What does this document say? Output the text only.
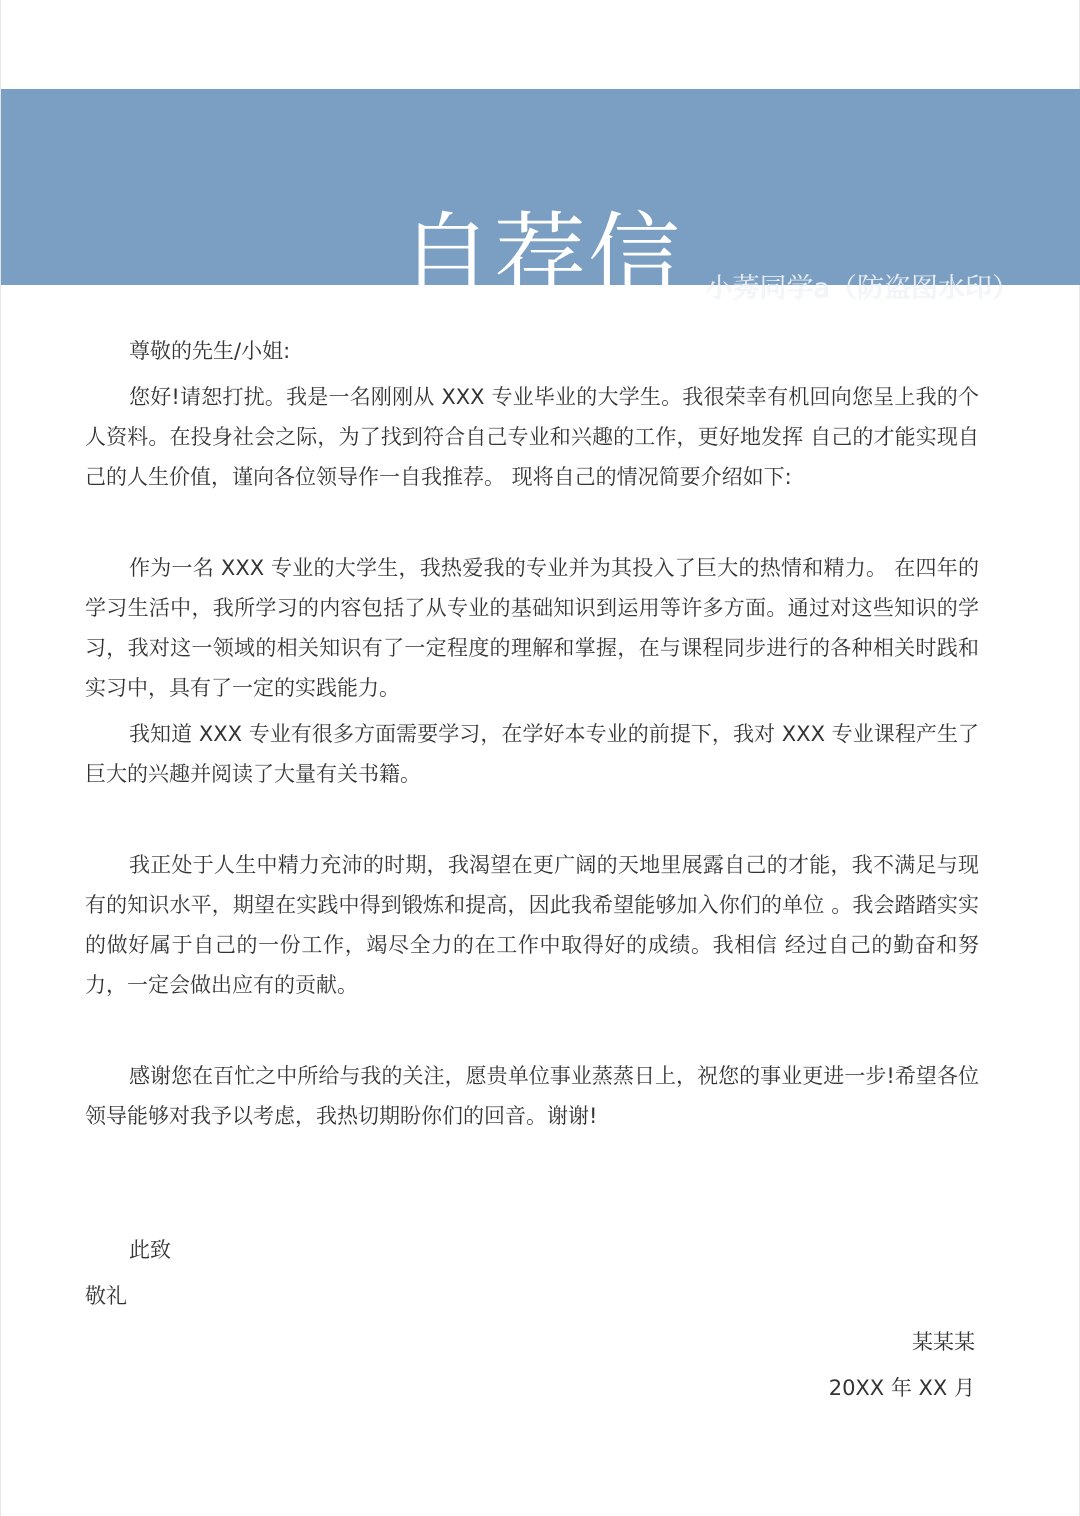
自荐信 小莠同学a（防盗图水印）

尊敬的先生/小姐:

您好!请恕打扰。我是一名刚刚从 XXX 专业毕业的大学生。我很荣幸有机回向您呈上我的个人资料。在投身社会之际，为了找到符合自己专业和兴趣的工作，更好地发挥 自己的才能实现自己的人生价值，谨向各位领导作一自我推荐。 现将自己的情况简要介绍如下:

作为一名 XXX 专业的大学生，我热爱我的专业并为其投入了巨大的热情和精力。 在四年的学习生活中，我所学习的内容包括了从专业的基础知识到运用等许多方面。通过对这些知识的学习，我对这一领域的相关知识有了一定程度的理解和掌握，在与课程同步进行的各种相关时践和实习中，具有了一定的实践能力。

我知道 XXX 专业有很多方面需要学习，在学好本专业的前提下，我对 XXX 专业课程产生了巨大的兴趣并阅读了大量有关书籍。

我正处于人生中精力充沛的时期，我渴望在更广阔的天地里展露自己的才能，我不满足与现有的知识水平，期望在实践中得到锻炼和提高，因此我希望能够加入你们的单位 。我会踏踏实实的做好属于自己的一份工作，竭尽全力的在工作中取得好的成绩。我相信 经过自己的勤奋和努力，一定会做出应有的贡献。

感谢您在百忙之中所给与我的关注，愿贵单位事业蒸蒸日上，祝您的事业更进一步!希望各位领导能够对我予以考虑，我热切期盼你们的回音。谢谢!

此致
敬礼
某某某
20XX 年 XX 月
